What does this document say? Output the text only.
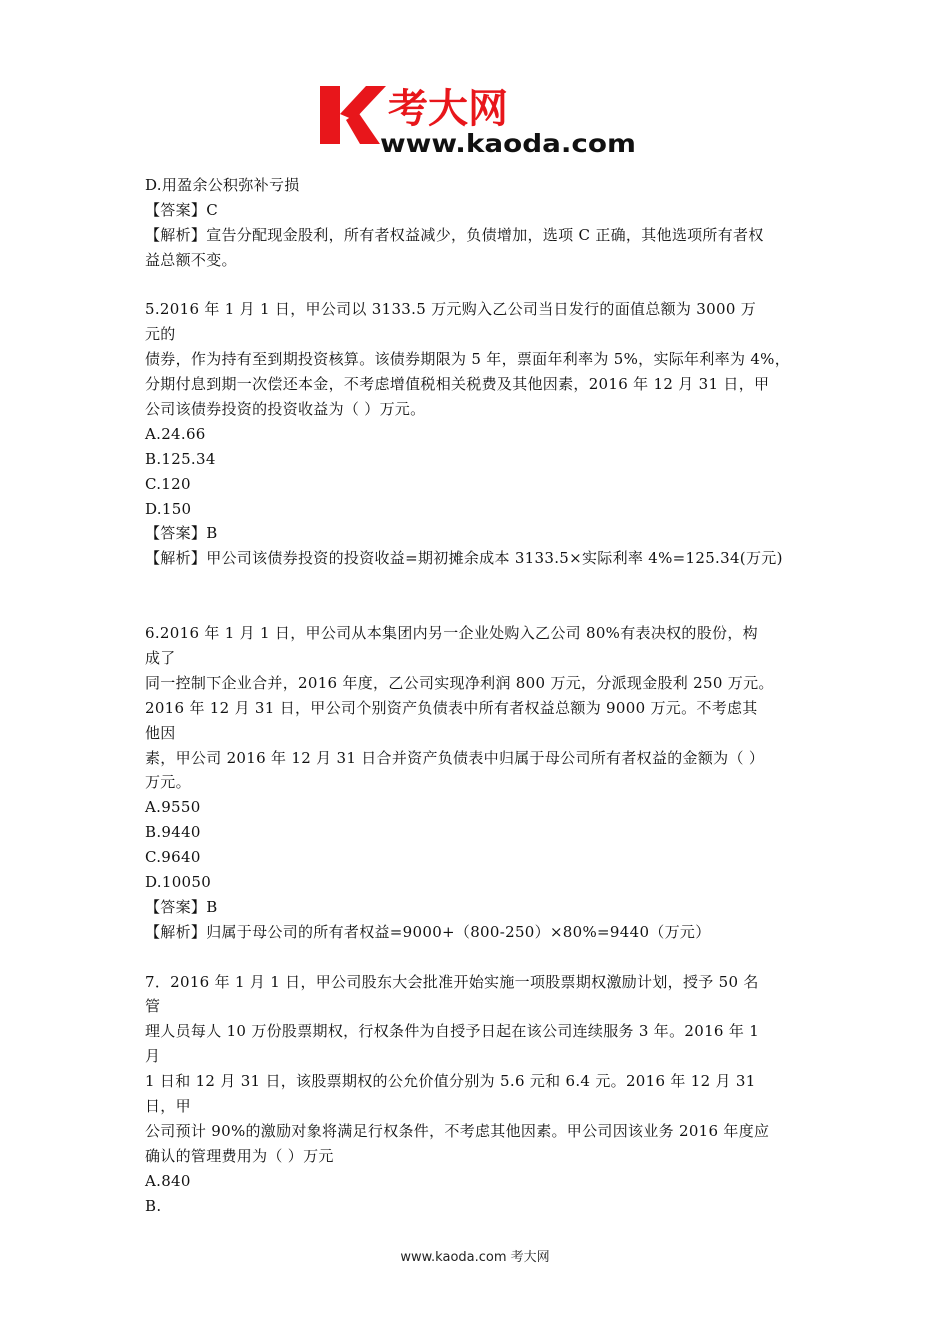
考大网
www.kaoda.com
D.用盈余公积弥补亏损
【答案】C
【解析】宣告分配现金股利，所有者权益减少，负债增加，选项 C 正确，其他选项所有者权
益总额不变。
5.2016 年 1 月 1 日，甲公司以 3133.5 万元购入乙公司当日发行的面值总额为 3000 万
元的
债券，作为持有至到期投资核算。该债券期限为 5 年，票面年利率为 5%，实际年利率为 4%，
分期付息到期一次偿还本金，不考虑增值税相关税费及其他因素，2016 年 12 月 31 日，甲
公司该债券投资的投资收益为（ ）万元。
A.24.66
B.125.34
C.120
D.150
【答案】B
【解析】甲公司该债券投资的投资收益=期初摊余成本 3133.5×实际利率 4%=125.34(万元)
6.2016 年 1 月 1 日，甲公司从本集团内另一企业处购入乙公司 80%有表决权的股份，构
成了
同一控制下企业合并，2016 年度，乙公司实现净利润 800 万元，分派现金股利 250 万元。
2016 年 12 月 31 日，甲公司个别资产负债表中所有者权益总额为 9000 万元。不考虑其
他因
素，甲公司 2016 年 12 月 31 日合并资产负债表中归属于母公司所有者权益的金额为（ ）
万元。
A.9550
B.9440
C.9640
D.10050
【答案】B
【解析】归属于母公司的所有者权益=9000+（800-250）×80%=9440（万元）
7．2016 年 1 月 1 日，甲公司股东大会批准开始实施一项股票期权激励计划，授予 50 名
管
理人员每人 10 万份股票期权，行权条件为自授予日起在该公司连续服务 3 年。2016 年 1
月
1 日和 12 月 31 日，该股票期权的公允价值分别为 5.6 元和 6.4 元。2016 年 12 月 31
日，甲
公司预计 90%的激励对象将满足行权条件，不考虑其他因素。甲公司因该业务 2016 年度应
确认的管理费用为（ ）万元
A.840
B.
www.kaoda.com 考大网
